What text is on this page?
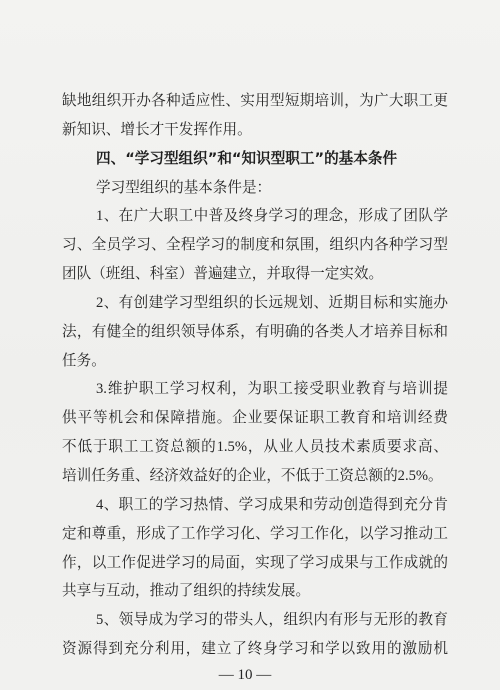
缺地组织开办各种适应性、实用型短期培训，为广大职工更
新知识、增长才干发挥作用。
四、“学习型组织”和“知识型职工”的基本条件
学习型组织的基本条件是：
1、在广大职工中普及终身学习的理念，形成了团队学
习、全员学习、全程学习的制度和氛围，组织内各种学习型
团队（班组、科室）普遍建立，并取得一定实效。
2、有创建学习型组织的长远规划、近期目标和实施办
法，有健全的组织领导体系，有明确的各类人才培养目标和
任务。
3.维护职工学习权利，为职工接受职业教育与培训提
供平等机会和保障措施。企业要保证职工教育和培训经费
不低于职工工资总额的1.5%，从业人员技术素质要求高、
培训任务重、经济效益好的企业，不低于工资总额的2.5%。
4、职工的学习热情、学习成果和劳动创造得到充分肯
定和尊重，形成了工作学习化、学习工作化，以学习推动工
作，以工作促进学习的局面，实现了学习成果与工作成就的
共享与互动，推动了组织的持续发展。
5、领导成为学习的带头人，组织内有形与无形的教育
资源得到充分利用，建立了终身学习和学以致用的激励机
— 10 —
